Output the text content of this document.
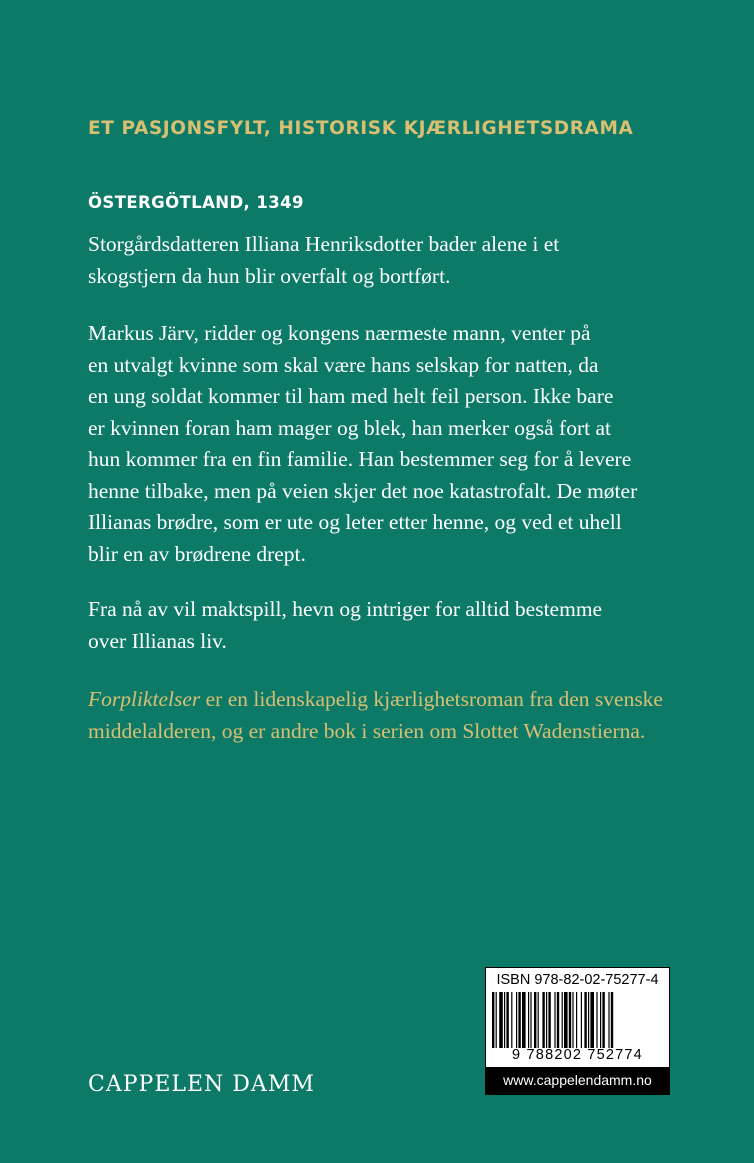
ET PASJONSFYLT, HISTORISK KJÆRLIGHETSDRAMA
ÖSTERGÖTLAND, 1349
Storgårdsdatteren Illiana Henriksdotter bader alene i et
skogstjern da hun blir overfalt og bortført.
Markus Järv, ridder og kongens nærmeste mann, venter på
en utvalgt kvinne som skal være hans selskap for natten, da
en ung soldat kommer til ham med helt feil person. Ikke bare
er kvinnen foran ham mager og blek, han merker også fort at
hun kommer fra en fin familie. Han bestemmer seg for å levere
henne tilbake, men på veien skjer det noe katastrofalt. De møter
Illianas brødre, som er ute og leter etter henne, og ved et uhell
blir en av brødrene drept.
Fra nå av vil maktspill, hevn og intriger for alltid bestemme
over Illianas liv.
Forpliktelser er en lidenskapelig kjærlighetsroman fra den svenske
middelalderen, og er andre bok i serien om Slottet Wadenstierna.
CAPPELEN DAMM
ISBN 978-82-02-75277-4
9 788202 752774
www.cappelendamm.no
